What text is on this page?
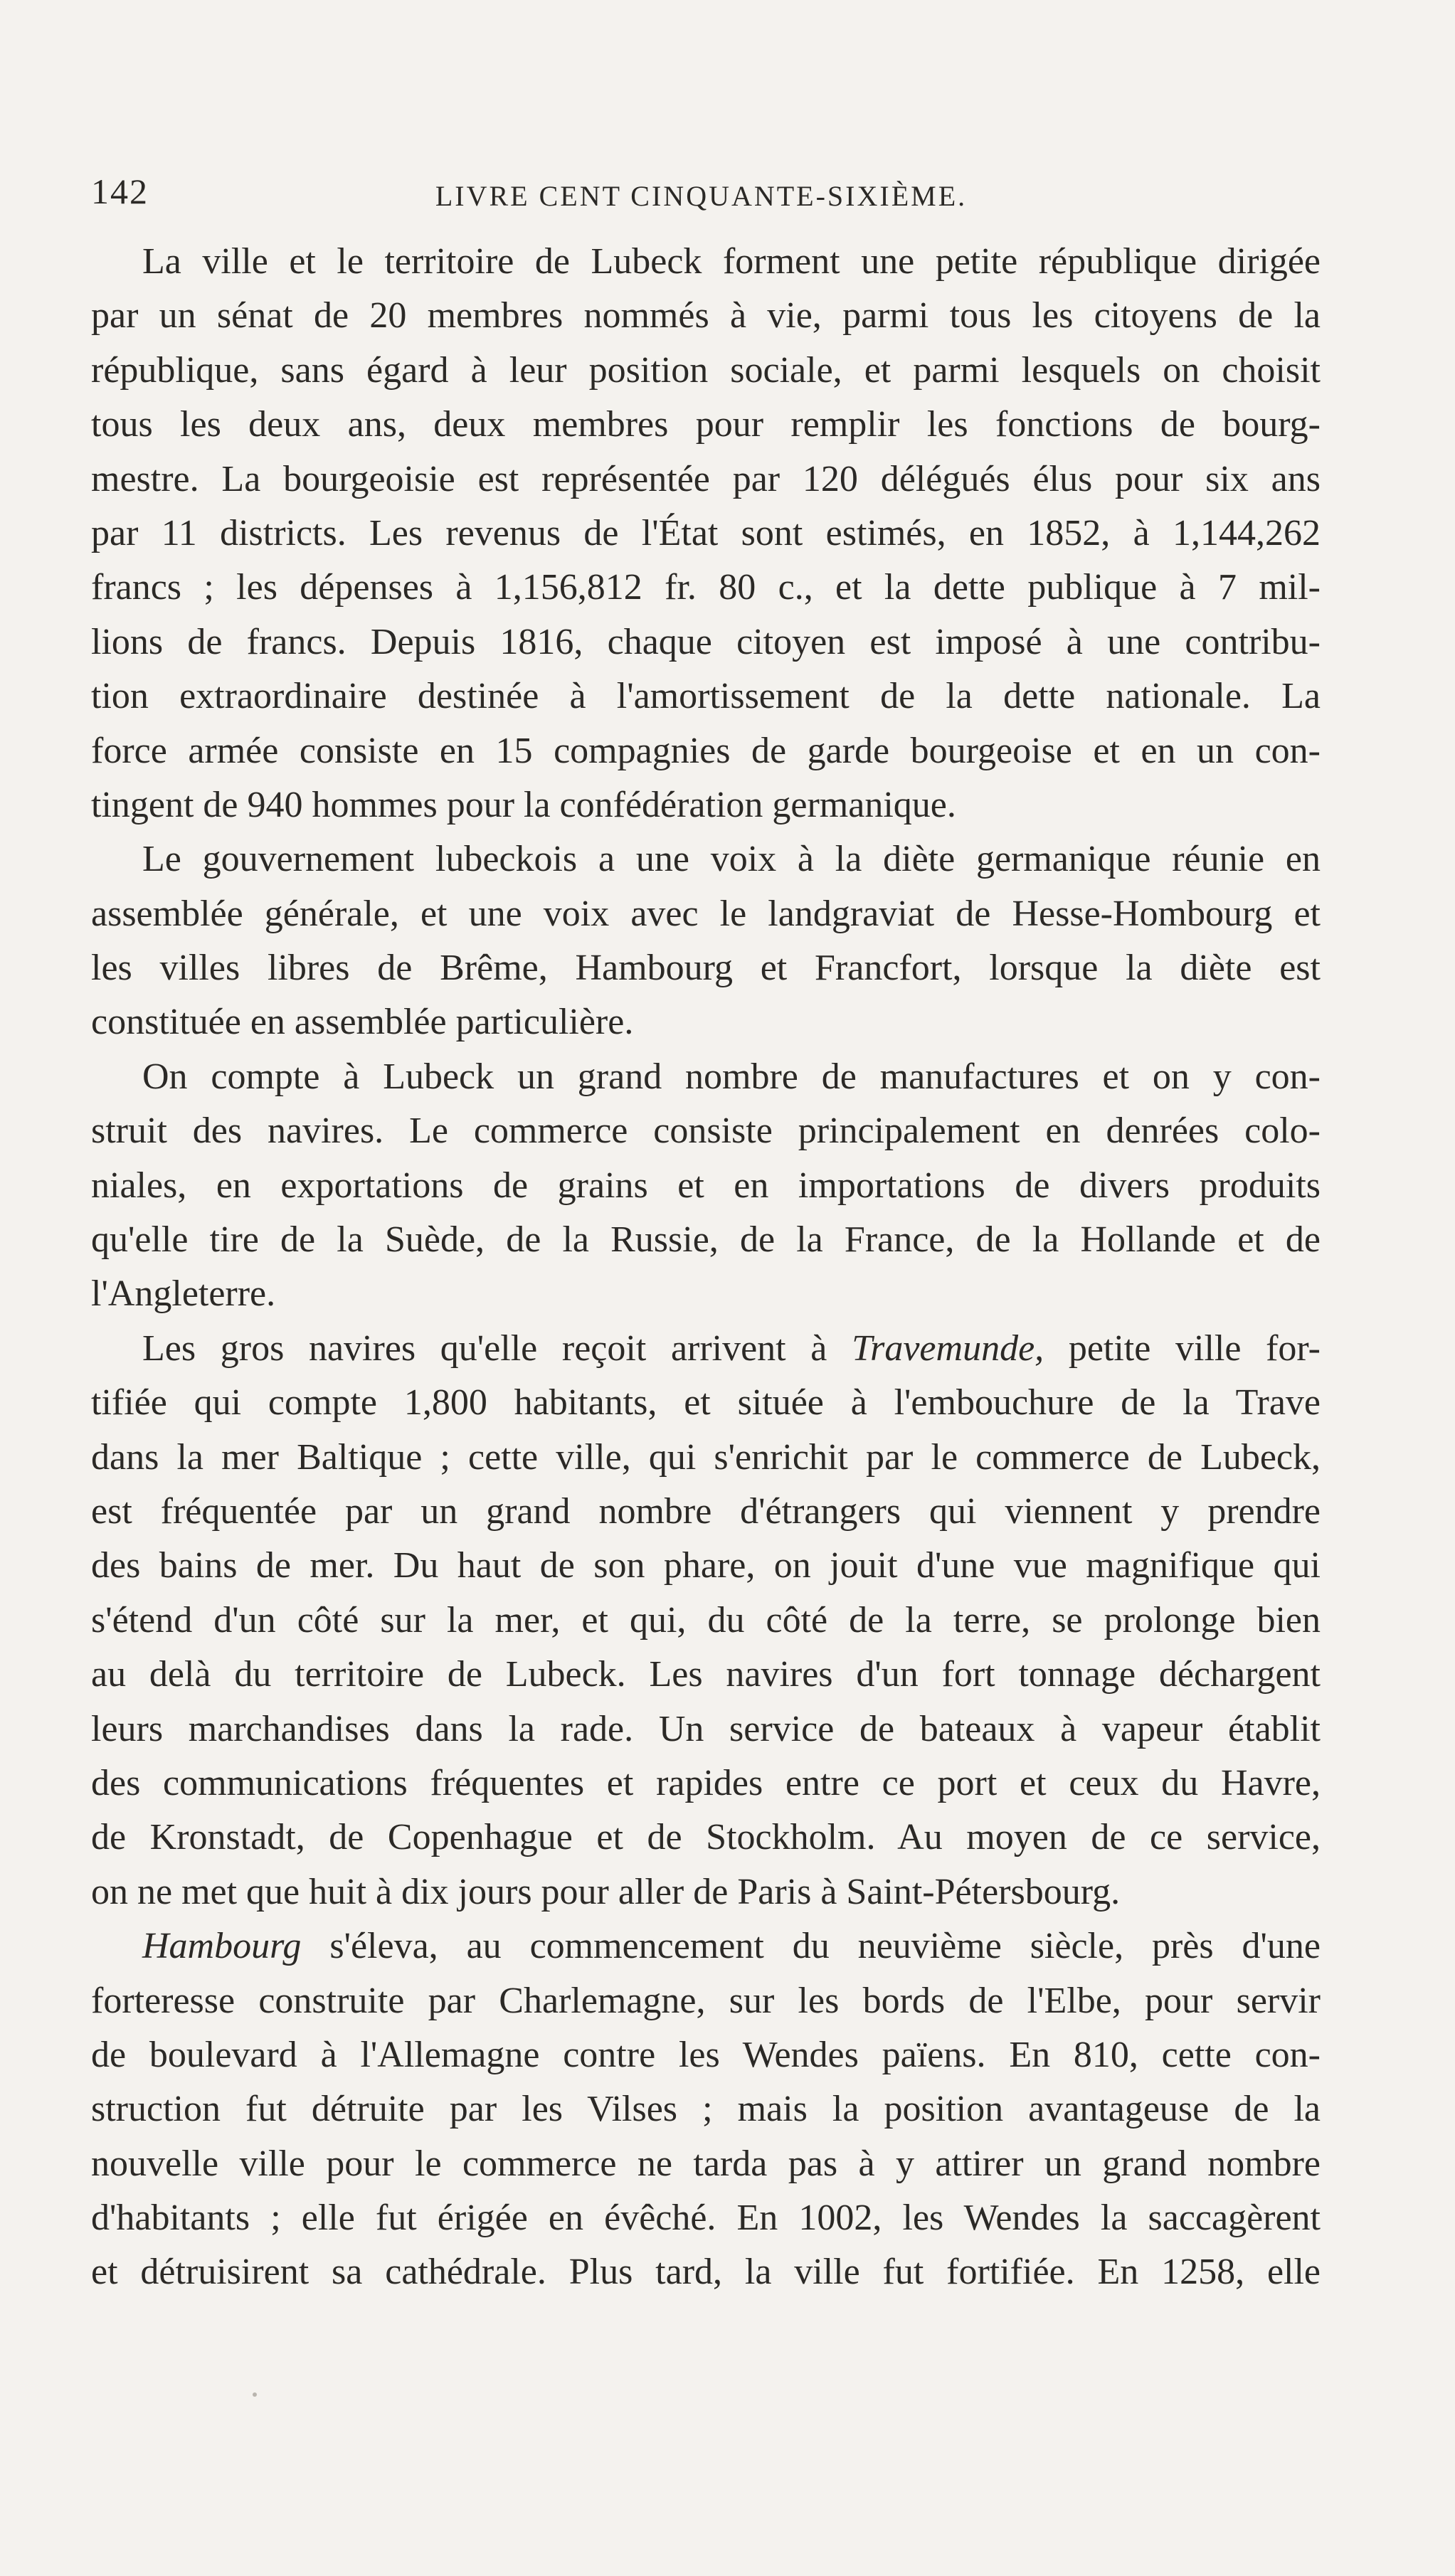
142	LIVRE CENT CINQUANTE-SIXIÈME.
La ville et le territoire de Lubeck forment une petite république dirigée
par un sénat de 20 membres nommés à vie, parmi tous les citoyens de la
république, sans égard à leur position sociale, et parmi lesquels on choisit
tous les deux ans, deux membres pour remplir les fonctions de bourg-
mestre. La bourgeoisie est représentée par 120 délégués élus pour six ans
par 11 districts. Les revenus de l'État sont estimés, en 1852, à 1,144,262
francs ; les dépenses à 1,156,812 fr. 80 c., et la dette publique à 7 mil-
lions de francs. Depuis 1816, chaque citoyen est imposé à une contribu-
tion extraordinaire destinée à l'amortissement de la dette nationale. La
force armée consiste en 15 compagnies de garde bourgeoise et en un con-
tingent de 940 hommes pour la confédération germanique.
Le gouvernement lubeckois a une voix à la diète germanique réunie en
assemblée générale, et une voix avec le landgraviat de Hesse-Hombourg et
les villes libres de Brême, Hambourg et Francfort, lorsque la diète est
constituée en assemblée particulière.
On compte à Lubeck un grand nombre de manufactures et on y con-
struit des navires. Le commerce consiste principalement en denrées colo-
niales, en exportations de grains et en importations de divers produits
qu'elle tire de la Suède, de la Russie, de la France, de la Hollande et de
l'Angleterre.
Les gros navires qu'elle reçoit arrivent à Travemunde, petite ville for-
tifiée qui compte 1,800 habitants, et située à l'embouchure de la Trave
dans la mer Baltique ; cette ville, qui s'enrichit par le commerce de Lubeck,
est fréquentée par un grand nombre d'étrangers qui viennent y prendre
des bains de mer. Du haut de son phare, on jouit d'une vue magnifique qui
s'étend d'un côté sur la mer, et qui, du côté de la terre, se prolonge bien
au delà du territoire de Lubeck. Les navires d'un fort tonnage déchargent
leurs marchandises dans la rade. Un service de bateaux à vapeur établit
des communications fréquentes et rapides entre ce port et ceux du Havre,
de Kronstadt, de Copenhague et de Stockholm. Au moyen de ce service,
on ne met que huit à dix jours pour aller de Paris à Saint-Pétersbourg.
Hambourg s'éleva, au commencement du neuvième siècle, près d'une
forteresse construite par Charlemagne, sur les bords de l'Elbe, pour servir
de boulevard à l'Allemagne contre les Wendes païens. En 810, cette con-
struction fut détruite par les Vilses ; mais la position avantageuse de la
nouvelle ville pour le commerce ne tarda pas à y attirer un grand nombre
d'habitants ; elle fut érigée en évêché. En 1002, les Wendes la saccagèrent
et détruisirent sa cathédrale. Plus tard, la ville fut fortifiée. En 1258, elle
